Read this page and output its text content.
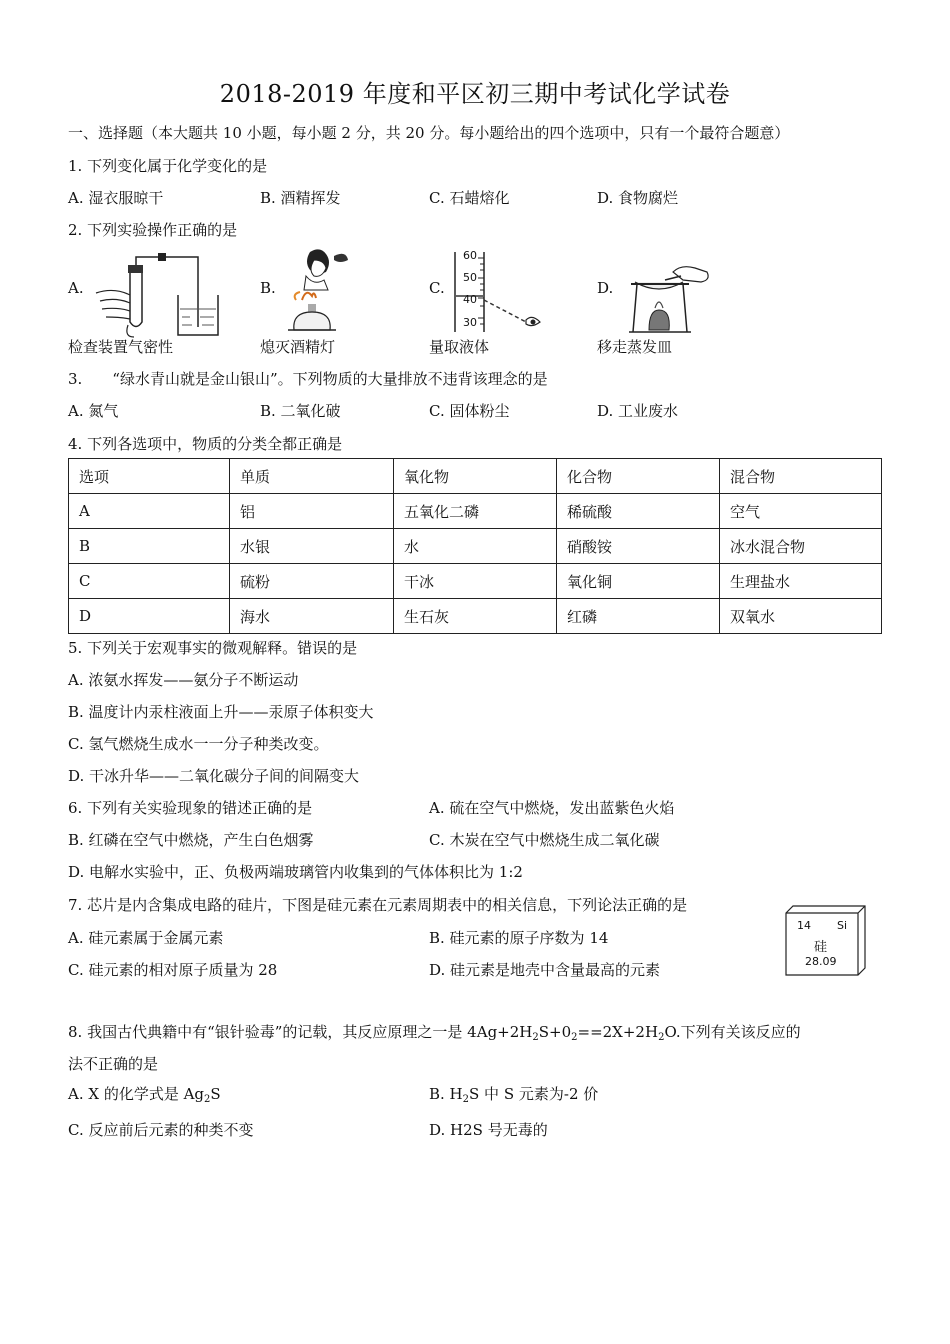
2018-2019 年度和平区初三期中考试化学试卷
一、选择题（本大题共 10 小题，每小题 2 分，共 20 分。每小题给出的四个选项中，只有一个最符合题意）
1. 下列变化属于化学变化的是
A. 湿衣服晾干	B. 酒精挥发	C. 石蜡熔化	D. 食物腐烂
2. 下列实验操作正确的是
A.	B.	C.	D.
60
50
40
30
检查装置气密性	熄灭酒精灯	量取液体	移走蒸发皿
3.　　“绿水青山就是金山银山”。下列物质的大量排放不违背该理念的是
A. 氮气	B. 二氧化破	C. 固体粉尘	D. 工业废水
4. 下列各选项中，物质的分类全都正确是
选项	单质	氧化物	化合物	混合物
A	铝	五氧化二磷	稀硫酸	空气
B	水银	水	硝酸铵	冰水混合物
C	硫粉	干冰	氧化铜	生理盐水
D	海水	生石灰	红磷	双氧水
5. 下列关于宏观事实的微观解释。错误的是
A. 浓氨水挥发——氨分子不断运动
B. 温度计内汞柱液面上升——汞原子体积变大
C. 氢气燃烧生成水一一分子种类改变。
D. 干冰升华——二氧化碳分子间的间隔变大
6. 下列有关实验现象的错述正确的是	A. 硫在空气中燃烧，发出蓝紫色火焰
B. 红磷在空气中燃烧，产生白色烟雾	C. 木炭在空气中燃烧生成二氧化碳
D. 电解水实验中，正、负极两端玻璃管内收集到的气体体积比为 1:2
7. 芯片是内含集成电路的硅片，下图是硅元素在元素周期表中的相关信息，下列论法正确的是
A. 硅元素属于金属元素	B. 硅元素的原子序数为 14
C. 硅元素的相对原子质量为 28	D. 硅元素是地壳中含量最高的元素
14 Si
硅
28.09
8. 我国古代典籍中有“银针验毒”的记载，其反应原理之一是 $4Ag+2H_2S+0_2==2X+2H_2O$.下列有关该反应的
法不正确的是
A. X 的化学式是 $Ag_2S$	B. $H_2S$ 中 S 元素为-2 价
C. 反应前后元素的种类不变	D. H2S 号无毒的
